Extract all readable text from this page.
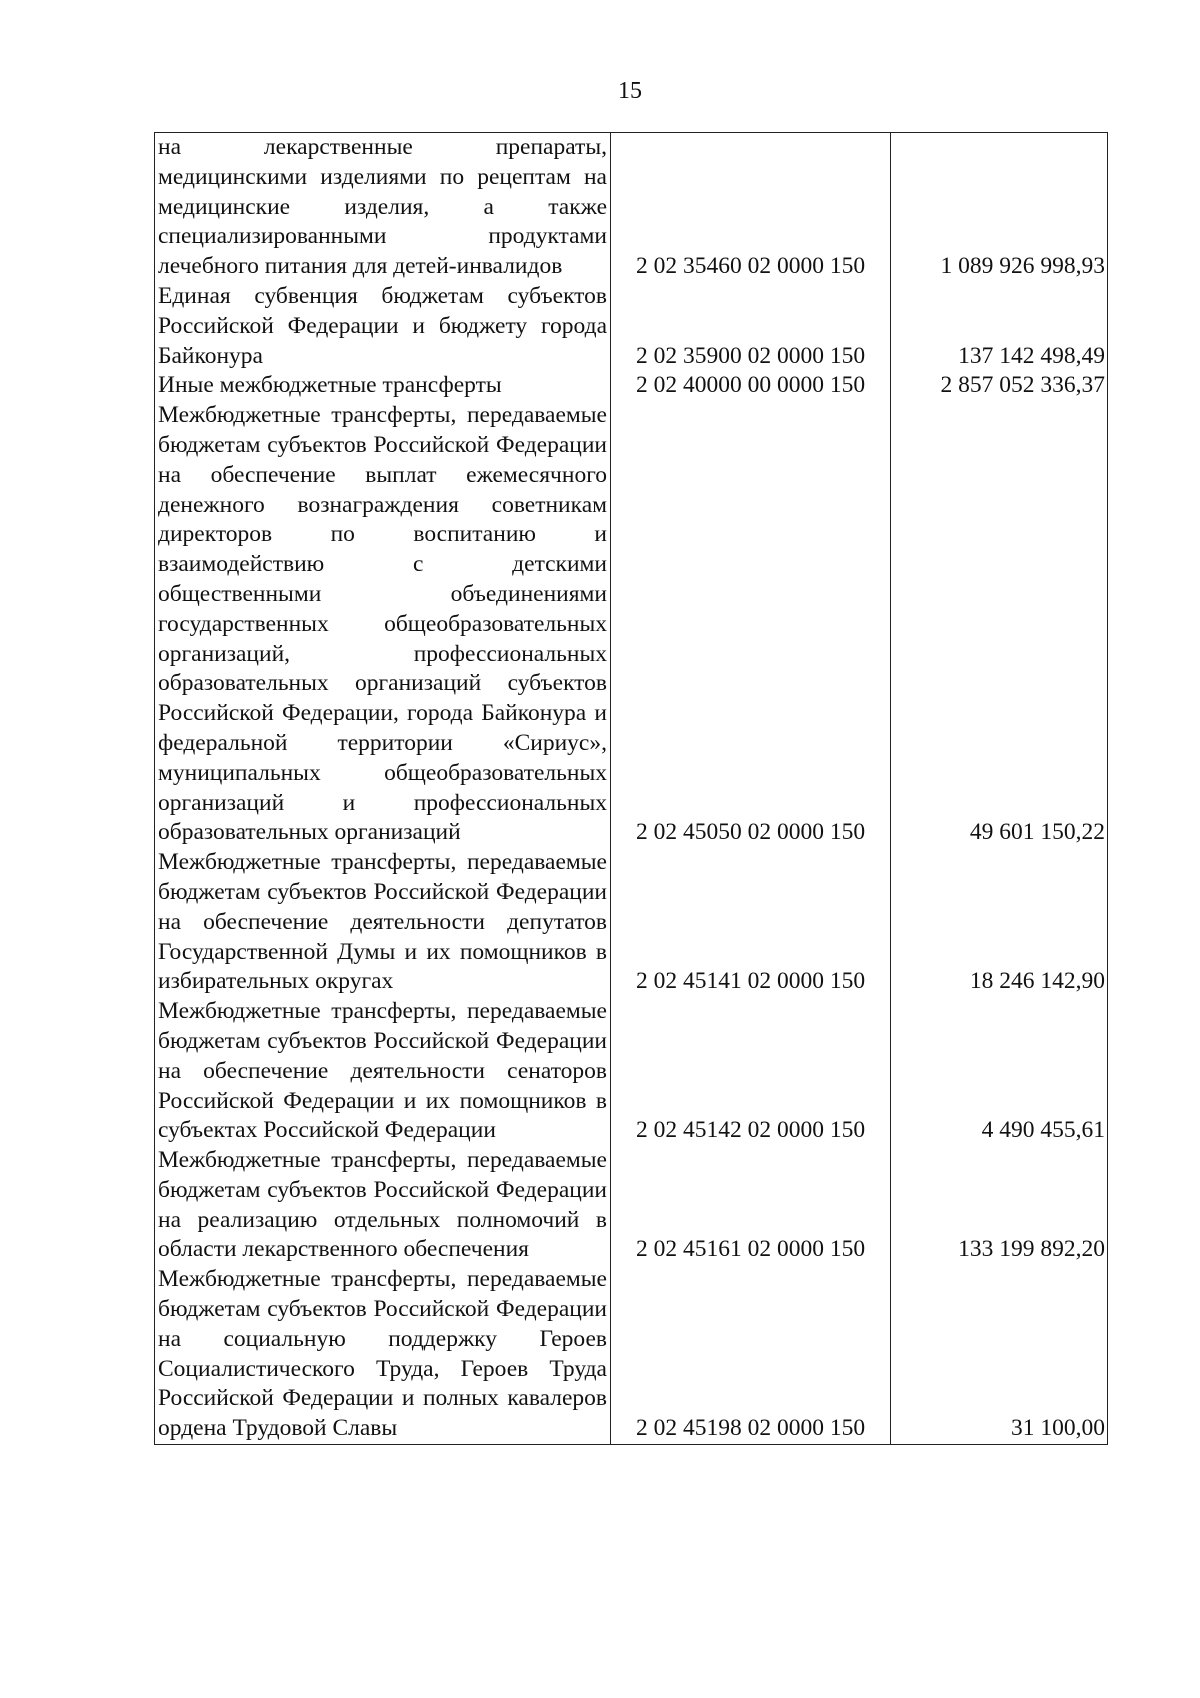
15
на лекарственные препараты, медицинскими изделиями по рецептам на медицинские изделия, а также специализированными продуктами лечебного питания для детей-инвалидов	2 02 35460 02 0000 150	1 089 926 998,93
Единая субвенция бюджетам субъектов Российской Федерации и бюджету города Байконура	2 02 35900 02 0000 150	137 142 498,49
Иные межбюджетные трансферты	2 02 40000 00 0000 150	2 857 052 336,37
Межбюджетные трансферты, передаваемые бюджетам субъектов Российской Федерации на обеспечение выплат ежемесячного денежного вознаграждения советникам директоров по воспитанию и взаимодействию с детскими общественными объединениями государственных общеобразовательных организаций, профессиональных образовательных организаций субъектов Российской Федерации, города Байконура и федеральной территории «Сириус», муниципальных общеобразовательных организаций и профессиональных образовательных организаций	2 02 45050 02 0000 150	49 601 150,22
Межбюджетные трансферты, передаваемые бюджетам субъектов Российской Федерации на обеспечение деятельности депутатов Государственной Думы и их помощников в избирательных округах	2 02 45141 02 0000 150	18 246 142,90
Межбюджетные трансферты, передаваемые бюджетам субъектов Российской Федерации на обеспечение деятельности сенаторов Российской Федерации и их помощников в субъектах Российской Федерации	2 02 45142 02 0000 150	4 490 455,61
Межбюджетные трансферты, передаваемые бюджетам субъектов Российской Федерации на реализацию отдельных полномочий в области лекарственного обеспечения	2 02 45161 02 0000 150	133 199 892,20
Межбюджетные трансферты, передаваемые бюджетам субъектов Российской Федерации на социальную поддержку Героев Социалистического Труда, Героев Труда Российской Федерации и полных кавалеров ордена Трудовой Славы	2 02 45198 02 0000 150	31 100,00
